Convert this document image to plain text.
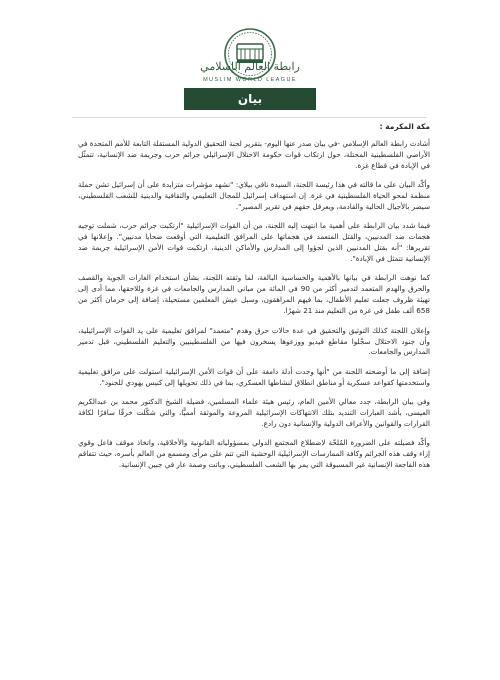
رابطة العالم الإسلامي
MUSLIM WORLD LEAGUE
بيان

مكة المكرمة :

أشادت رابطة العالم الإسلامي -في بيان صدر عنها اليوم- بتقرير لجنة التحقيق الدولية المستقلة التابعة للأمم المتحدة في الأراضي الفلسطينية المحتلة، حول ارتكاب قوات حكومة الاحتلال الإسرائيلي جرائم حرب وجريمة ضد الإنسانية، تتمثّل في الإبادة في قطاع غزة.

وأكّد البيان على ما قالته في هذا رئيسة اللجنة، السيدة نافي بيلاي: "نشهد مؤشرات متزايدة على أن إسرائيل تشن حملة منظمة لمحو الحياة الفلسطينية في غزة. إن استهداف إسرائيل للمجال التعليمي والثقافية والدينية للشعب الفلسطيني، سيضر بالأجيال الحالية والقادمة، ويعرقل حقهم في تقرير المصير".

فيما شدد بيان الرابطة على أهمية ما انتهت إليه اللجنة، من أن القوات الإسرائيلية "ارتكبت جرائم حرب، شملت توجيه هجمات ضد المدنيين، والقتل المتعمد في هجماتها على المرافق التعليمية التي أوقعت ضحايا مدنيين". وإعلانها في تقريرها: "أنه بقتل المدنيين الذين لجؤوا إلى المدارس والأماكن الدينية، ارتكبت قوات الأمن الإسرائيلية جريمة ضد الإنسانية تتمثل في الإبادة".

كما نوهت الرابطة في بيانها بالأهمية والحساسية البالغة، لما وثقته اللجنة، بشأن استخدام الغارات الجوية والقصف والحرق والهدم المتعمد لتدمير أكثر من 90 في المائة من مباني المدارس والجامعات في غزة وللاحقها، مما أدى إلى تهيئة ظروف جعلت تعليم الأطفال، بما فيهم المراهقون، وسبل عيش المعلمين مستحيلة، إضافة إلى حرمان أكثر من 658 ألف طفل في غزة من التعليم منذ 21 شهرًا.

وإعلان اللجنة كذلك التوثيق والتحقيق في عدة حالات حرق وهدم "متعمد" لمرافق تعليمية على يد القوات الإسرائيلية، وأن جنود الاحتلال سجّلوا مقاطع فيديو ووزعوها يسخرون فيها من الفلسطينيين والتعليم الفلسطيني، قبل تدمير المدارس والجامعات.

إضافة إلى ما أوضحته اللجنة من "أنها وجدت أدلة دامغة على أن قوات الأمن الإسرائيلية استولت على مرافق تعليمية واستخدمتها كقواعد عسكرية أو مناطق انطلاق لنشاطها العسكري، بما في ذلك تحويلها إلى كنيس يهودي للجنود".

وفي بيان الرابطة، جدد معالي الأمين العام، رئيس هيئة علماء المسلمين، فضيلة الشيخ الدكتور محمد بن عبدالكريم العيسى، بأشد العبارات التنديد بتلك الانتهاكات الإسرائيلية المروعة والموثقة أمميًّا، والتي شكّلت خرقًا سافرًا لكافة القرارات والقوانين والأعراف الدولية والإنسانية دون رادع.

وأكّد فضيلته على الضرورة المُلحّة لاضطلاع المجتمع الدولي بمسؤولياته القانونية والأخلاقية، واتخاذ موقف فاعل وقوي إزاء وقف هذه الجرائم وكافة الممارسات الإسرائيلية الوحشية التي تتم على مرأى ومسمع من العالم بأسره، حيث تتفاقم هذه الفاجعة الإنسانية غير المسبوقة التي يمر بها الشعب الفلسطيني، وباتت وصمة عار في جبين الإنسانية.
